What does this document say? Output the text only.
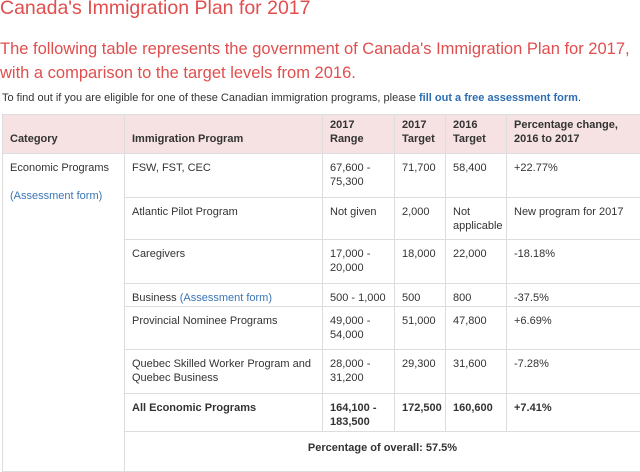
Canada's Immigration Plan for 2017
The following table represents the government of Canada's Immigration Plan for 2017, with a comparison to the target levels from 2016.

To find out if you are eligible for one of these Canadian immigration programs, please fill out a free assessment form.

Category	Immigration Program	2017 Range	2017 Target	2016 Target	Percentage change, 2016 to 2017

Economic Programs
(Assessment form)	FSW, FST, CEC	67,600 - 75,300	71,700	58,400	+22.77%
	Atlantic Pilot Program	Not given	2,000	Not applicable	New program for 2017
	Caregivers	17,000 - 20,000	18,000	22,000	-18.18%
	Business (Assessment form)	500 - 1,000	500	800	-37.5%
	Provincial Nominee Programs	49,000 - 54,000	51,000	47,800	+6.69%
	Quebec Skilled Worker Program and Quebec Business	28,000 - 31,200	29,300	31,600	-7.28%
	All Economic Programs	164,100 - 183,500	172,500	160,600	+7.41%
	Percentage of overall: 57.5%				
